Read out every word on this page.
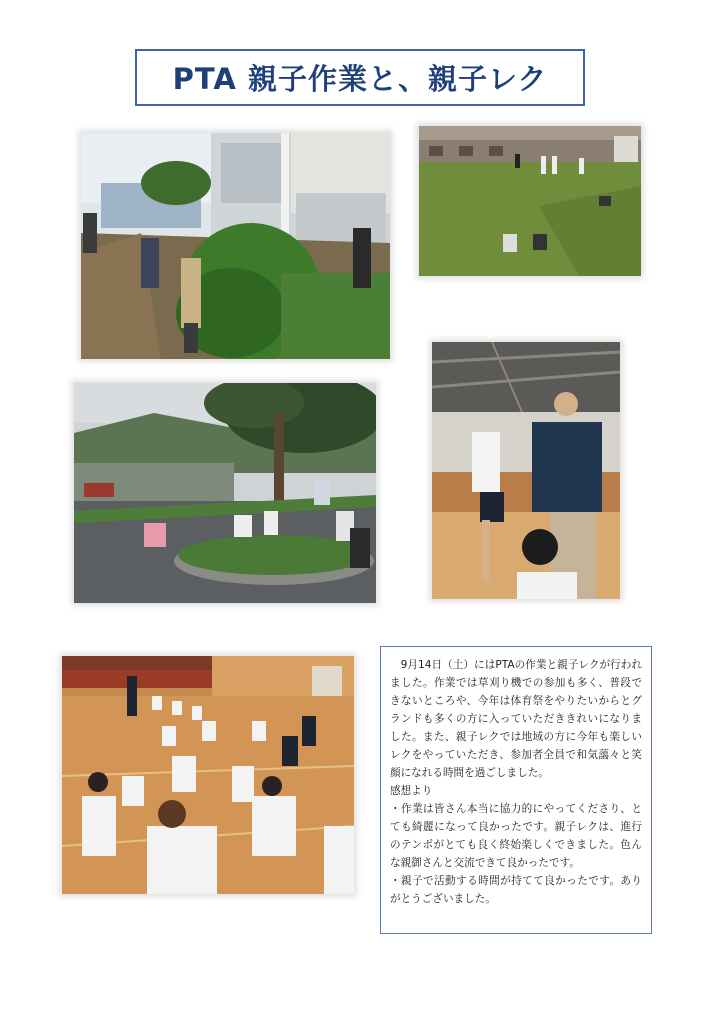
PTA 親子作業と、親子レク

9月14日（土）にはPTAの作業と親子レクが行われました。作業では草刈り機での参加も多く、普段できないところや、今年は体育祭をやりたいからとグランドも多くの方に入っていただききれいになりました。また、親子レクでは地域の方に今年も楽しいレクをやっていただき、参加者全員で和気藹々と笑顔になれる時間を過ごしました。

感想より

・作業は皆さん本当に協力的にやってくださり、とても綺麗になって良かったです。親子レクは、進行のテンポがとても良く終始楽しくできました。色んな親御さんと交流できて良かったです。

・親子で活動する時間が持てて良かったです。ありがとうございました。
